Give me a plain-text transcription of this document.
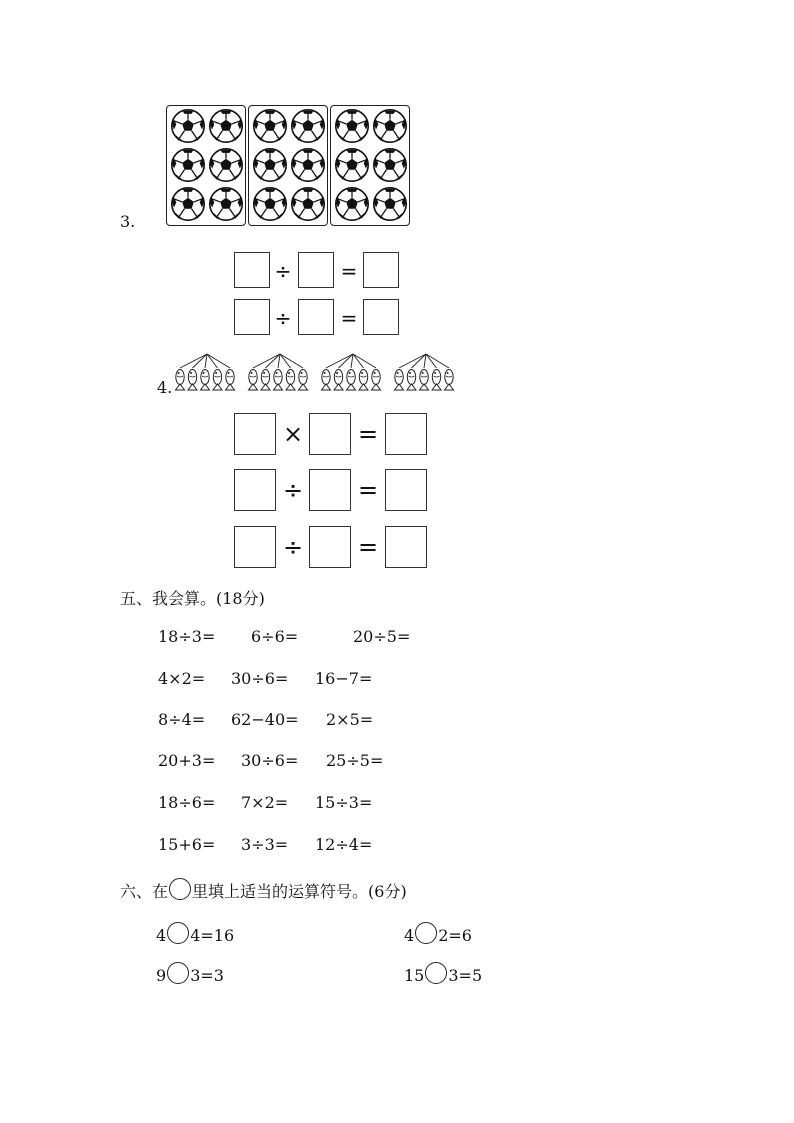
3.
÷	=
÷	=
4.
× =
÷ =
÷ =
五、我会算。(18分)
18÷3= 6÷6=	20÷5=
4×2= 30÷6= 16−7=
8÷4= 62−40= 2×5=
20+3= 30÷6= 25÷5=
18÷6= 7×2= 15÷3=
15+6= 3÷3= 12÷4=
六、在 里填上适当的运算符号。(6分)
4 4=16	4 2=6
9 3=3	15 3=5
